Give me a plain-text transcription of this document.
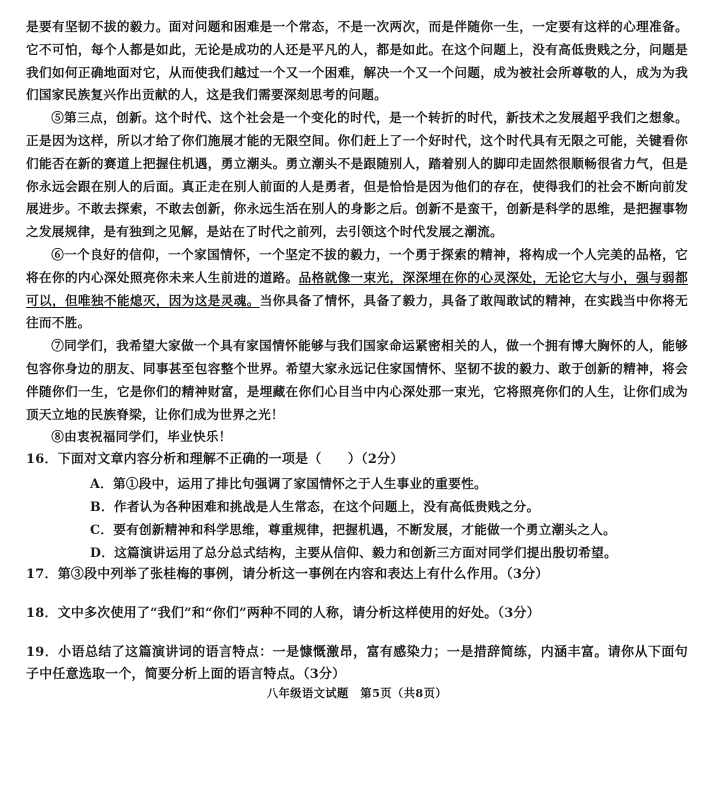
是要有坚韧不拔的毅力。面对问题和困难是一个常态，不是一次两次，而是伴随你一生，一定要有这样的心理准备。它不可怕，每个人都是如此，无论是成功的人还是平凡的人，都是如此。在这个问题上，没有高低贵贱之分，问题是我们如何正确地面对它，从而使我们越过一个又一个困难，解决一个又一个问题，成为被社会所尊敬的人，成为为我们国家民族复兴作出贡献的人，这是我们需要深刻思考的问题。

⑤第三点，创新。这个时代、这个社会是一个变化的时代，是一个转折的时代，新技术之发展超乎我们之想象。正是因为这样，所以才给了你们施展才能的无限空间。你们赶上了一个好时代，这个时代具有无限之可能，关键看你们能否在新的赛道上把握住机遇，勇立潮头。勇立潮头不是跟随别人，踏着别人的脚印走固然很顺畅很省力气，但是你永远会跟在别人的后面。真正走在别人前面的人是勇者，但是恰恰是因为他们的存在，使得我们的社会不断向前发展进步。不敢去探索，不敢去创新，你永远生活在别人的身影之后。创新不是蛮干，创新是科学的思维，是把握事物之发展规律，是有独到之见解，是站在了时代之前列，去引领这个时代发展之潮流。

⑥一个良好的信仰，一个家国情怀，一个坚定不拔的毅力，一个勇于探索的精神，将构成一个人完美的品格，它将在你的内心深处照亮你未来人生前进的道路。品格就像一束光，深深埋在你的心灵深处，无论它大与小，强与弱都可以，但唯独不能熄灭，因为这是灵魂。当你具备了情怀，具备了毅力，具备了敢闯敢试的精神，在实践当中你将无往而不胜。

⑦同学们，我希望大家做一个具有家国情怀能够与我们国家命运紧密相关的人，做一个拥有博大胸怀的人，能够包容你身边的朋友、同事甚至包容整个世界。希望大家永远记住家国情怀、坚韧不拔的毅力、敢于创新的精神，将会伴随你们一生，它是你们的精神财富，是埋藏在你们心目当中内心深处那一束光，它将照亮你们的人生，让你们成为顶天立地的民族脊梁，让你们成为世界之光！

⑧由衷祝福同学们，毕业快乐！

16．下面对文章内容分析和理解不正确的一项是（　　）（2分）

A．第①段中，运用了排比句强调了家国情怀之于人生事业的重要性。

B．作者认为各种困难和挑战是人生常态，在这个问题上，没有高低贵贱之分。

C．要有创新精神和科学思维，尊重规律，把握机遇，不断发展，才能做一个勇立潮头之人。

D．这篇演讲运用了总分总式结构，主要从信仰、毅力和创新三方面对同学们提出殷切希望。

17．第③段中列举了张桂梅的事例，请分析这一事例在内容和表达上有什么作用。（3分）

18．文中多次使用了“我们”和“你们”两种不同的人称，请分析这样使用的好处。（3分）

19．小语总结了这篇演讲词的语言特点：一是慷慨激昂，富有感染力；一是措辞简练，内涵丰富。请你从下面句子中任意选取一个，简要分析上面的语言特点。（3分）

八年级语文试题　第5页（共8页）
